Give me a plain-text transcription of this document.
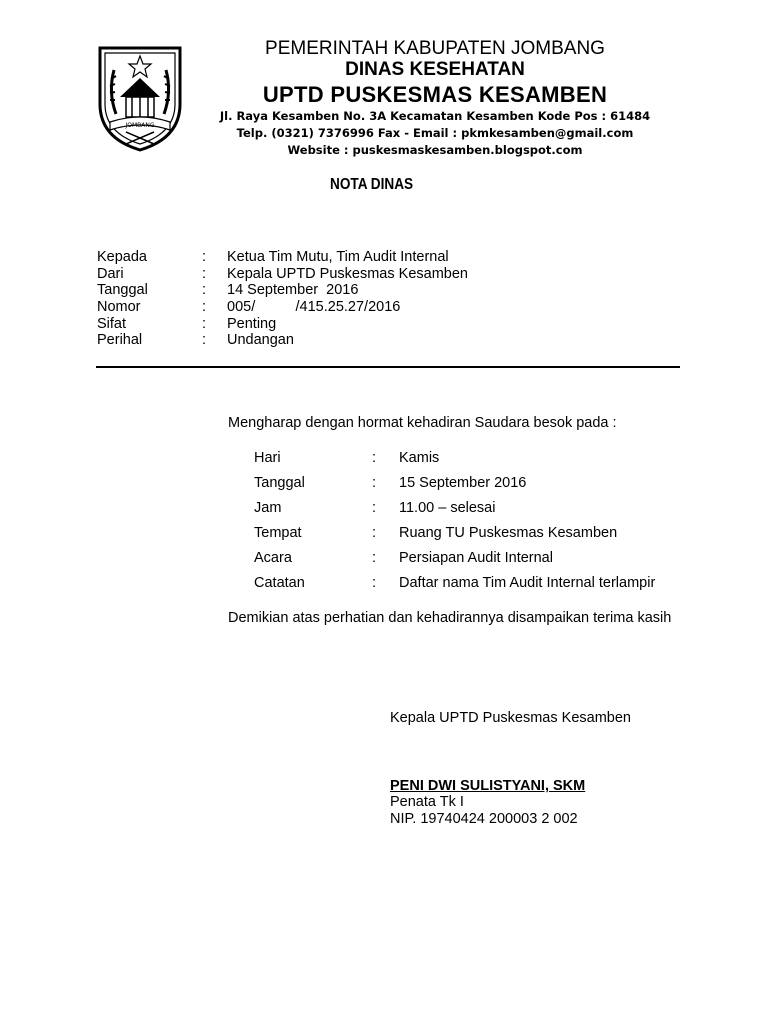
JOMBANG
PEMERINTAH KABUPATEN JOMBANG
DINAS KESEHATAN
UPTD PUSKESMAS KESAMBEN
Jl. Raya Kesamben No. 3A Kecamatan Kesamben Kode Pos : 61484
Telp. (0321) 7376996 Fax - Email : pkmkesamben@gmail.com
Website : puskesmaskesamben.blogspot.com
NOTA DINAS
Kepada	: Ketua Tim Mutu, Tim Audit Internal
Dari	: Kepala UPTD Puskesmas Kesamben
Tanggal	: 14 September  2016
Nomor	: 005/          /415.25.27/2016
Sifat	: Penting
Perihal	: Undangan
Mengharap dengan hormat kehadiran Saudara besok pada :
Hari	: Kamis
Tanggal	: 15 September 2016
Jam	: 11.00 – selesai
Tempat	: Ruang TU Puskesmas Kesamben
Acara	: Persiapan Audit Internal
Catatan	: Daftar nama Tim Audit Internal terlampir
Demikian atas perhatian dan kehadirannya disampaikan terima kasih
Kepala UPTD Puskesmas Kesamben
PENI DWI SULISTYANI, SKM
Penata Tk I
NIP. 19740424 200003 2 002
